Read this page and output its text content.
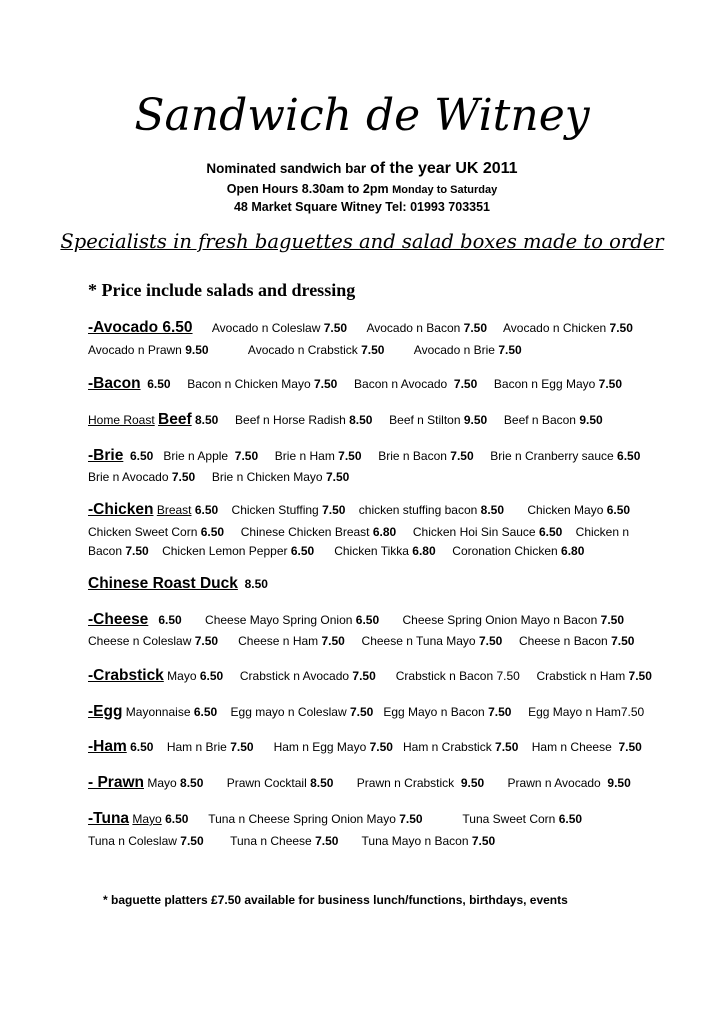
Sandwich de Witney
Nominated sandwich bar of the year UK 2011
Open Hours 8.30am to 2pm Monday to Saturday
48 Market Square Witney Tel: 01993 703351
Specialists in fresh baguettes and salad boxes made to order
* Price include salads and dressing
-Avocado 6.50 Avocado n Coleslaw 7.50 Avocado n Bacon 7.50 Avocado n Chicken 7.50
Avocado n Prawn 9.50	Avocado n Crabstick 7.50 Avocado n Brie 7.50
-Bacon 6.50 Bacon n Chicken Mayo 7.50 Bacon n Avocado 7.50 Bacon n Egg Mayo 7.50
Home Roast Beef 8.50 Beef n Horse Radish 8.50 Beef n Stilton 9.50 Beef n Bacon 9.50
-Brie 6.50 Brie n Apple 7.50 Brie n Ham 7.50 Brie n Bacon 7.50 Brie n Cranberry sauce 6.50
Brie n Avocado 7.50 Brie n Chicken Mayo 7.50
-Chicken Breast 6.50 Chicken Stuffing 7.50 chicken stuffing bacon 8.50 Chicken Mayo 6.50
Chicken Sweet Corn 6.50 Chinese Chicken Breast 6.80 Chicken Hoi Sin Sauce 6.50 Chicken n
Bacon 7.50 Chicken Lemon Pepper 6.50 Chicken Tikka 6.80 Coronation Chicken 6.80
Chinese Roast Duck 8.50
-Cheese 6.50 Cheese Mayo Spring Onion 6.50 Cheese Spring Onion Mayo n Bacon 7.50
Cheese n Coleslaw 7.50 Cheese n Ham 7.50 Cheese n Tuna Mayo 7.50 Cheese n Bacon 7.50
-Crabstick Mayo 6.50 Crabstick n Avocado 7.50 Crabstick n Bacon 7.50 Crabstick n Ham 7.50
-Egg Mayonnaise 6.50 Egg mayo n Coleslaw 7.50 Egg Mayo n Bacon 7.50 Egg Mayo n Ham7.50
-Ham 6.50 Ham n Brie 7.50 Ham n Egg Mayo 7.50 Ham n Crabstick 7.50 Ham n Cheese 7.50
- Prawn Mayo 8.50 Prawn Cocktail 8.50 Prawn n Crabstick 9.50 Prawn n Avocado 9.50
-Tuna Mayo 6.50 Tuna n Cheese Spring Onion Mayo 7.50	Tuna Sweet Corn 6.50
Tuna n Coleslaw 7.50 Tuna n Cheese 7.50 Tuna Mayo n Bacon 7.50
* baguette platters £7.50 available for business lunch/functions, birthdays, events
